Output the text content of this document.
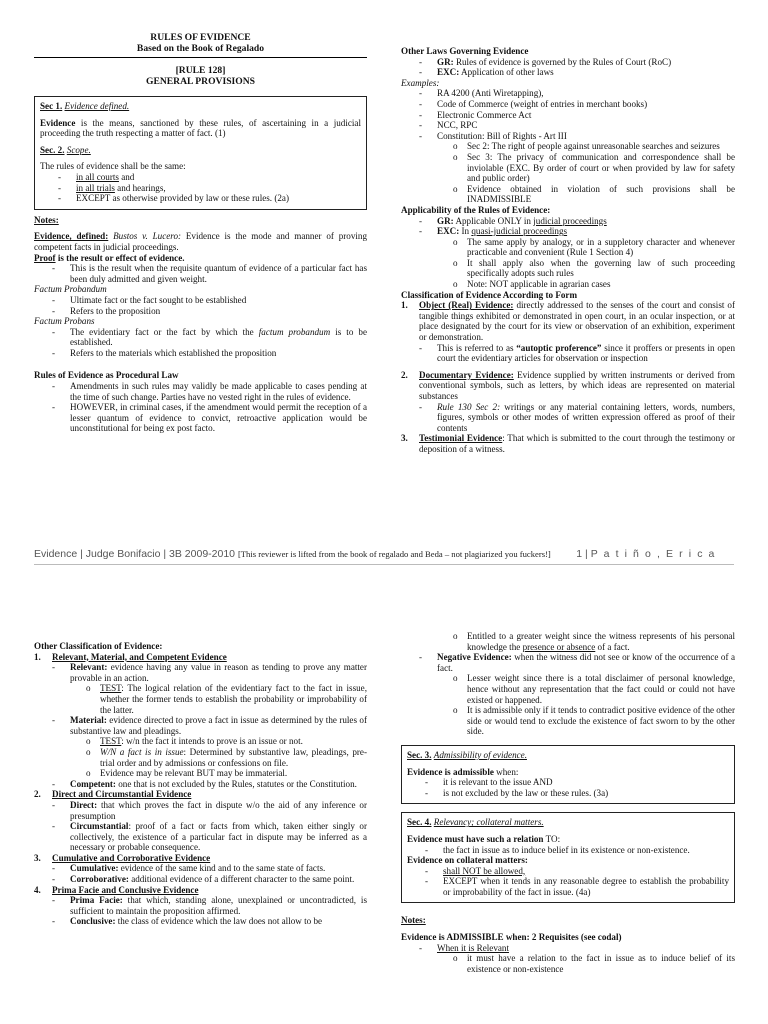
RULES OF EVIDENCE
Based on the Book of Regalado
[RULE 128]
GENERAL PROVISIONS

Sec 1. Evidence defined.

Evidence is the means, sanctioned by these rules, of ascertaining in a judicial proceeding the truth respecting a matter of fact. (1)

Sec. 2. Scope.

The rules of evidence shall be the same:

-	in all courts and
-	in all trials and hearings,
-	EXCEPT as otherwise provided by law or these rules. (2a)

Notes:

Evidence, defined: Bustos v. Lucero: Evidence is the mode and manner of proving competent facts in judicial proceedings.

Proof is the result or effect of evidence.

-	This is the result when the requisite quantum of evidence of a particular fact has been duly admitted and given weight.

Factum Probandum

-	Ultimate fact or the fact sought to be established
-	Refers to the proposition

Factum Probans

-	The evidentiary fact or the fact by which the factum probandum is to be established.
-	Refers to the materials which established the proposition

Rules of Evidence as Procedural Law

-	Amendments in such rules may validly be made applicable to cases pending at the time of such change. Parties have no vested right in the rules of evidence.
-	HOWEVER, in criminal cases, if the amendment would permit the reception of a lesser quantum of evidence to convict, retroactive application would be unconstitutional for being ex post facto.

Other Laws Governing Evidence

-	GR: Rules of evidence is governed by the Rules of Court (RoC)
-	EXC: Application of other laws

Examples:

-	RA 4200 (Anti Wiretapping),
-	Code of Commerce (weight of entries in merchant books)
-	Electronic Commerce Act
-	NCC, RPC
-	Constitution: Bill of Rights - Art III
o	Sec 2: The right of people against unreasonable searches and seizures
o	Sec 3: The privacy of communication and correspondence shall be inviolable (EXC. By order of court or when provided by law for safety and public order)
o	Evidence obtained in violation of such provisions shall be INADMISSIBLE

Applicability of the Rules of Evidence:

-	GR: Applicable ONLY in judicial proceedings
-	EXC: In quasi-judicial proceedings
o	The same apply by analogy, or in a suppletory character and whenever practicable and convenient (Rule 1 Section 4)
o	It shall apply also when the governing law of such proceeding specifically adopts such rules
o	Note: NOT applicable in agrarian cases

Classification of Evidence According to Form

1.	Object (Real) Evidence: directly addressed to the senses of the court and consist of tangible things exhibited or demonstrated in open court, in an ocular inspection, or at place designated by the court for its view or observation of an exhibition, experiment or demonstration.
-	This is referred to as “autoptic proference” since it proffers or presents in open court the evidentiary articles for observation or inspection
2.	Documentary Evidence: Evidence supplied by written instruments or derived from conventional symbols, such as letters, by which ideas are represented on material substances
-	Rule 130 Sec 2: writings or any material containing letters, words, numbers, figures, symbols or other modes of written expression offered as proof of their contents
3.	Testimonial Evidence: That which is submitted to the court through the testimony or deposition of a witness.
Evidence | Judge Bonifacio | 3B 2009-2010 [This reviewer is lifted from the book of regalado and Beda – not plagiarized you fuckers!] 1 | P a t i ñ o , E r i c a

Other Classification of Evidence:

1.	Relevant, Material, and Competent Evidence
-	Relevant: evidence having any value in reason as tending to prove any matter provable in an action.
o	TEST: The logical relation of the evidentiary fact to the fact in issue, whether the former tends to establish the probability or improbability of the latter.
-	Material: evidence directed to prove a fact in issue as determined by the rules of substantive law and pleadings.
o	TEST: w/n the fact it intends to prove is an issue or not.
o	W/N a fact is in issue: Determined by substantive law, pleadings, pre-trial order and by admissions or confessions on file.
o	Evidence may be relevant BUT may be immaterial.
-	Competent: one that is not excluded by the Rules, statutes or the Constitution.
2.	Direct and Circumstantial Evidence
-	Direct: that which proves the fact in dispute w/o the aid of any inference or presumption
-	Circumstantial: proof of a fact or facts from which, taken either singly or collectively, the existence of a particular fact in dispute may be inferred as a necessary or probable consequence.
3.	Cumulative and Corroborative Evidence
-	Cumulative: evidence of the same kind and to the same state of facts.
-	Corroborative: additional evidence of a different character to the same point.
4.	Prima Facie and Conclusive Evidence
-	Prima Facie: that which, standing alone, unexplained or uncontradicted, is sufficient to maintain the proposition affirmed.
-	Conclusive: the class of evidence which the law does not allow to be
o	Entitled to a greater weight since the witness represents of his personal knowledge the presence or absence of a fact.
-	Negative Evidence: when the witness did not see or know of the occurrence of a fact.
o	Lesser weight since there is a total disclaimer of personal knowledge, hence without any representation that the fact could or could not have existed or happened.
o	It is admissible only if it tends to contradict positive evidence of the other side or would tend to exclude the existence of fact sworn to by the other side.

Sec. 3. Admissibility of evidence.

Evidence is admissible when:

-	it is relevant to the issue AND
-	is not excluded by the law or these rules. (3a)

Sec. 4. Relevancy; collateral matters.

Evidence must have such a relation TO:

-	the fact in issue as to induce belief in its existence or non-existence.

Evidence on collateral matters:

-	shall NOT be allowed,
-	EXCEPT when it tends in any reasonable degree to establish the probability or improbability of the fact in issue. (4a)

Notes:

Evidence is ADMISSIBLE when: 2 Requisites (see codal)

-	When it is Relevant
o	it must have a relation to the fact in issue as to induce belief of its existence or non-existence
